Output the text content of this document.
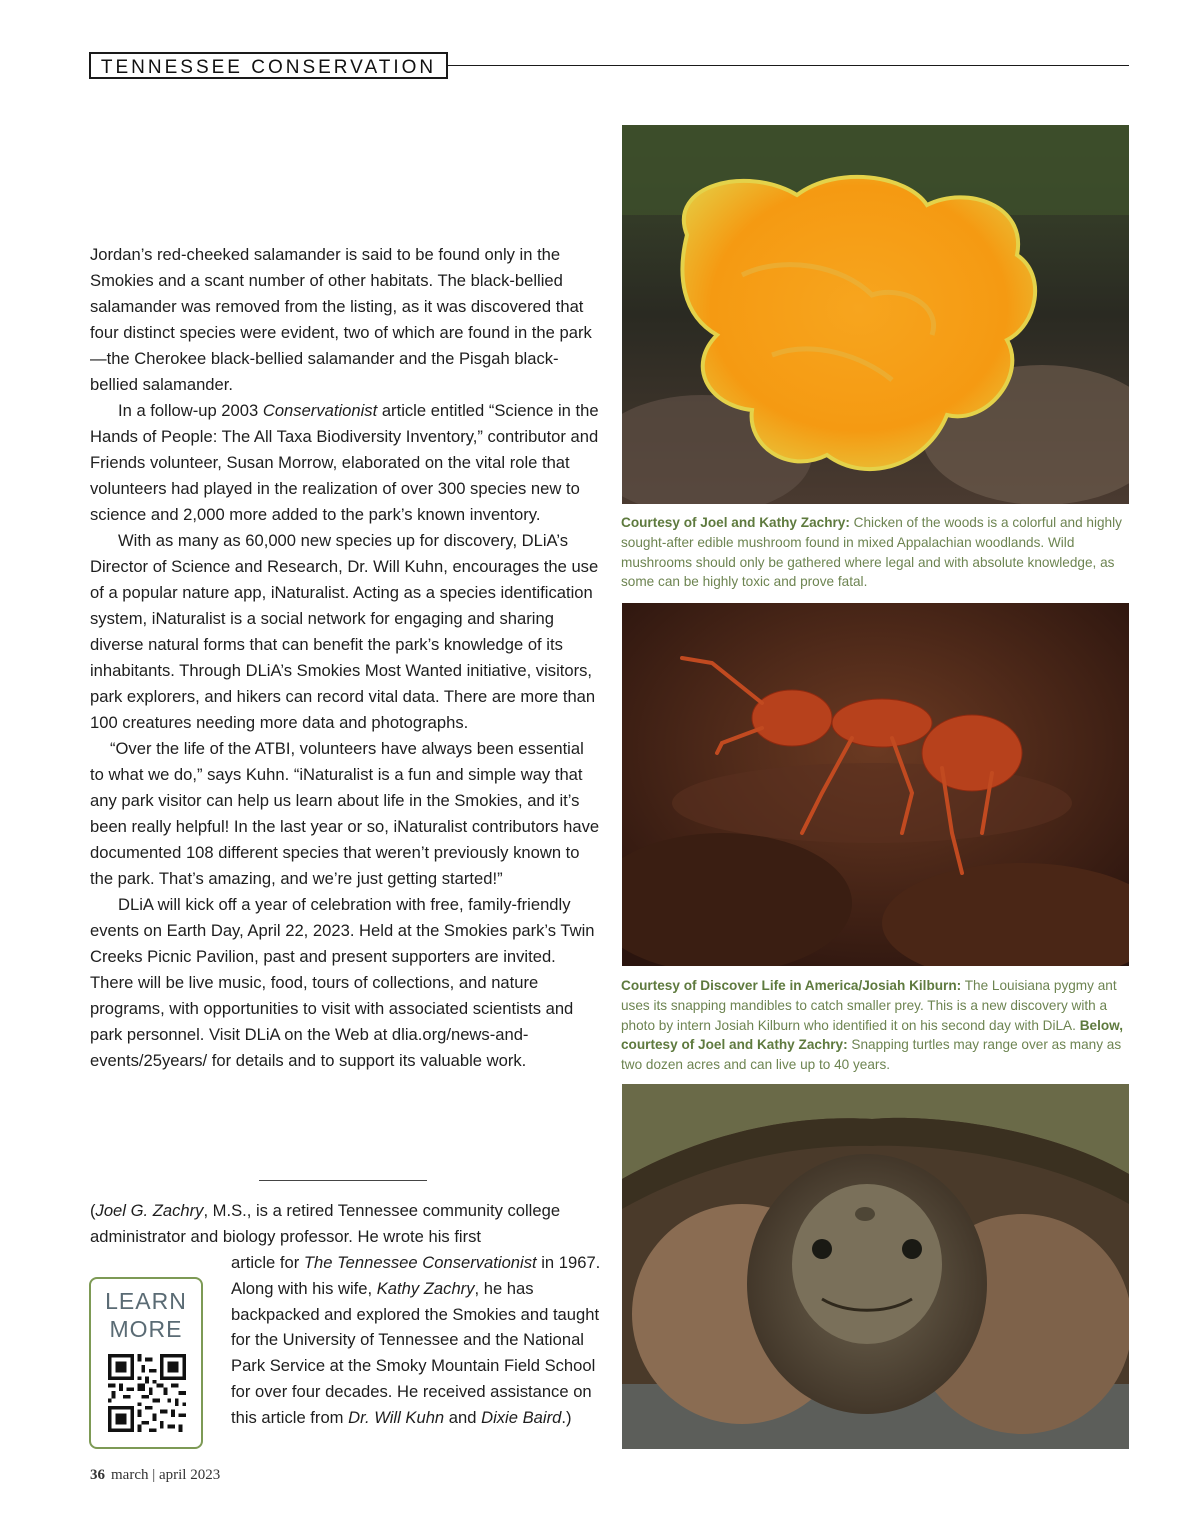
TENNESSEE CONSERVATION

Jordan’s red-cheeked salamander is said to be found only in the Smokies and a scant number of other habitats. The black-bellied salamander was removed from the listing, as it was discovered that four distinct species were evident, two of which are found in the park—the Cherokee black-bellied salamander and the Pisgah black-bellied salamander.

In a follow-up 2003 Conservationist article entitled “Science in the Hands of People: The All Taxa Biodiversity Inventory,” contributor and Friends volunteer, Susan Morrow, elaborated on the vital role that volunteers had played in the realization of over 300 species new to science and 2,000 more added to the park’s known inventory.

With as many as 60,000 new species up for discovery, DLiA’s Director of Science and Research, Dr. Will Kuhn, encourages the use of a popular nature app, iNaturalist. Acting as a species identification system, iNaturalist is a social network for engaging and sharing diverse natural forms that can benefit the park’s knowledge of its inhabitants. Through DLiA’s Smokies Most Wanted initiative, visitors, park explorers, and hikers can record vital data. There are more than 100 creatures needing more data and photographs.

“Over the life of the ATBI, volunteers have always been essential to what we do,” says Kuhn. “iNaturalist is a fun and simple way that any park visitor can help us learn about life in the Smokies, and it’s been really helpful! In the last year or so, iNaturalist contributors have documented 108 different species that weren’t previously known to the park. That’s amazing, and we’re just getting started!”

DLiA will kick off a year of celebration with free, family-friendly events on Earth Day, April 22, 2023. Held at the Smokies park’s Twin Creeks Picnic Pavilion, past and present supporters are invited. There will be live music, food, tours of collections, and nature programs, with opportunities to visit with associated scientists and park personnel. Visit DLiA on the Web at dlia.org/news-and-events/25years/ for details and to support its valuable work.

(Joel G. Zachry, M.S., is a retired Tennessee community college administrator and biology professor. He wrote his first

article for The Tennessee Conservationist in 1967. Along with his wife, Kathy Zachry, he has backpacked and explored the Smokies and taught for the University of Tennessee and the National Park Service at the Smoky Mountain Field School for over four decades. He received assistance on this article from Dr. Will Kuhn and Dixie Baird.)

LEARN
MORE
36 march | april 2023
Courtesy of Joel and Kathy Zachry: Chicken of the woods is a colorful and highly sought-after edible mushroom found in mixed Appalachian woodlands. Wild mushrooms should only be gathered where legal and with absolute knowledge, as some can be highly toxic and prove fatal.
Courtesy of Discover Life in America/Josiah Kilburn: The Louisiana pygmy ant uses its snapping mandibles to catch smaller prey. This is a new discovery with a photo by intern Josiah Kilburn who identified it on his second day with DiLA. Below, courtesy of Joel and Kathy Zachry: Snapping turtles may range over as many as two dozen acres and can live up to 40 years.
